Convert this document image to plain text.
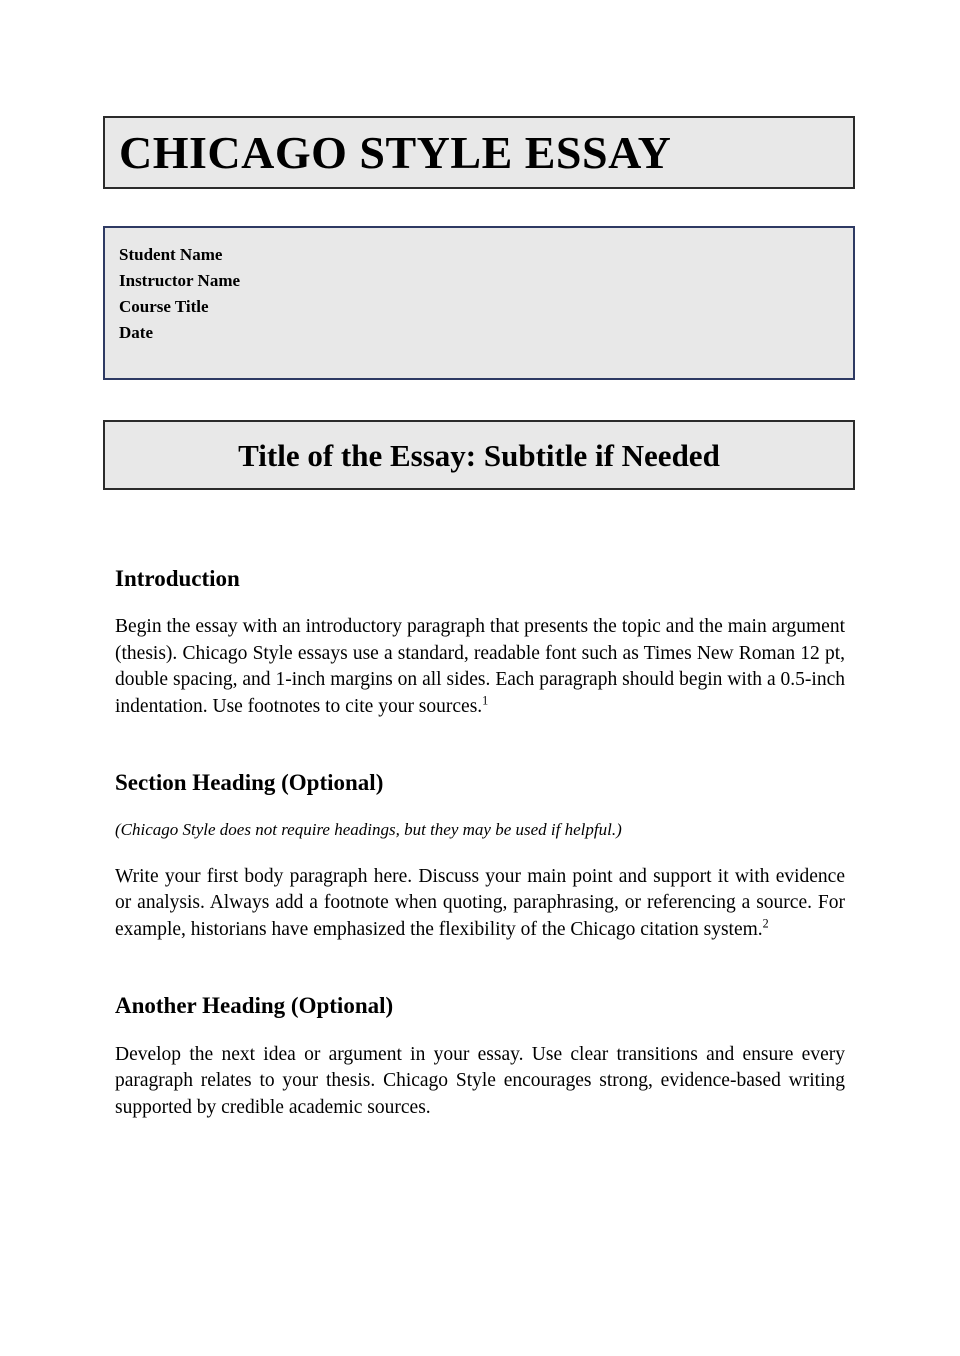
CHICAGO STYLE ESSAY
Student Name
Instructor Name
Course Title
Date
Title of the Essay: Subtitle if Needed
Introduction

Begin the essay with an introductory paragraph that presents the topic and the main argument (thesis). Chicago Style essays use a standard, readable font such as Times New Roman 12 pt, double spacing, and 1-inch margins on all sides. Each paragraph should begin with a 0.5-inch indentation. Use footnotes to cite your sources.$^1$

Section Heading (Optional)

(Chicago Style does not require headings, but they may be used if helpful.)

Write your first body paragraph here. Discuss your main point and support it with evidence or analysis. Always add a footnote when quoting, paraphrasing, or referencing a source. For example, historians have emphasized the flexibility of the Chicago citation system.$^2$

Another Heading (Optional)

Develop the next idea or argument in your essay. Use clear transitions and ensure every paragraph relates to your thesis. Chicago Style encourages strong, evidence-based writing supported by credible academic sources.
